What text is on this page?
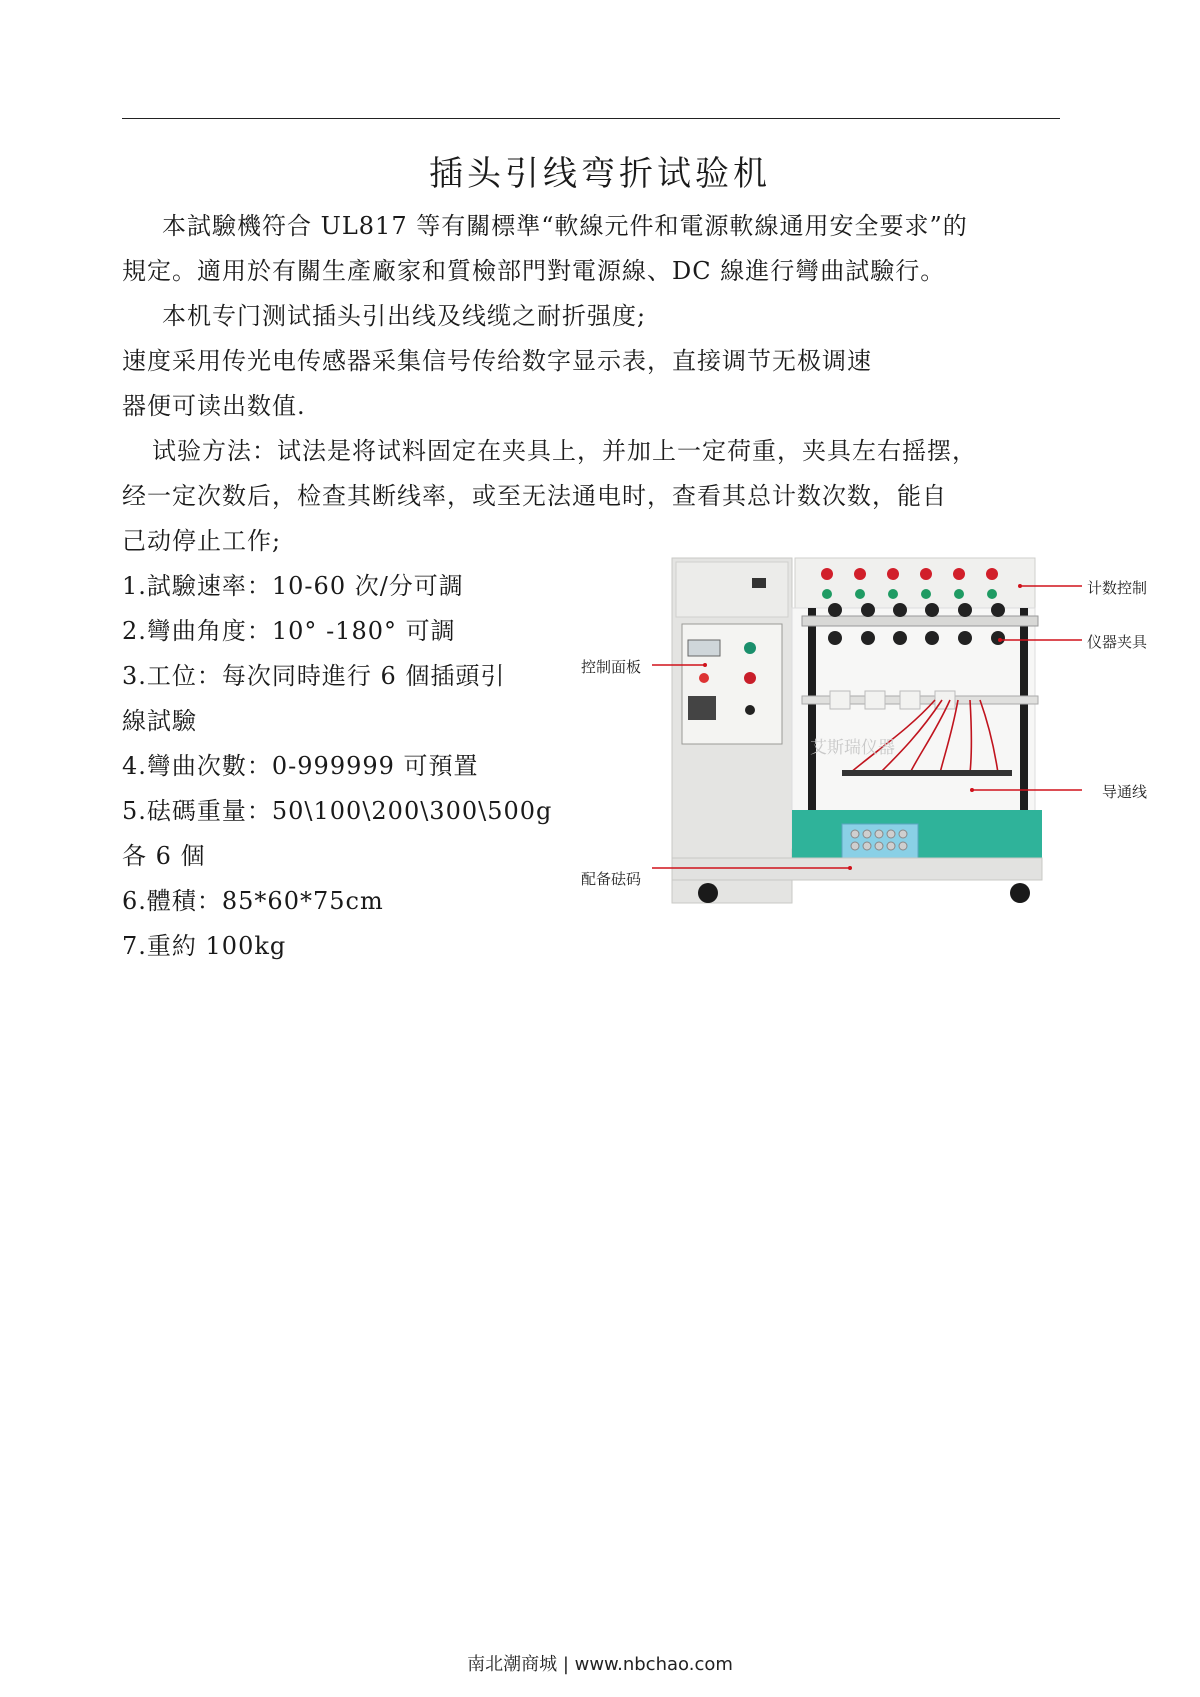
插头引线弯折试验机
本試驗機符合 UL817 等有關標準“軟線元件和電源軟線通用安全要求”的
規定。適用於有關生產廠家和質檢部門對電源線、DC 線進行彎曲試驗行。
本机专门测试插头引出线及线缆之耐折强度;
速度采用传光电传感器采集信号传给数字显示表，直接调节无极调速
器便可读出数值.
试验方法：试法是将试料固定在夹具上，并加上一定荷重，夹具左右摇摆，
经一定次数后，检查其断线率，或至无法通电时，查看其总计数次数，能自
己动停止工作;
1.試驗速率：10-60 次/分可調
2.彎曲角度：10° -180° 可調
3.工位：每次同時進行 6 個插頭引
線試驗
4.彎曲次數：0-999999 可預置
5.砝碼重量：50\100\200\300\500g
各 6 個
6.體積：85*60*75cm
7.重約 100kg
艾斯瑞仪器
计数控制
仪器夹具
控制面板
导通线
配备砝码
南北潮商城 | www.nbchao.com
